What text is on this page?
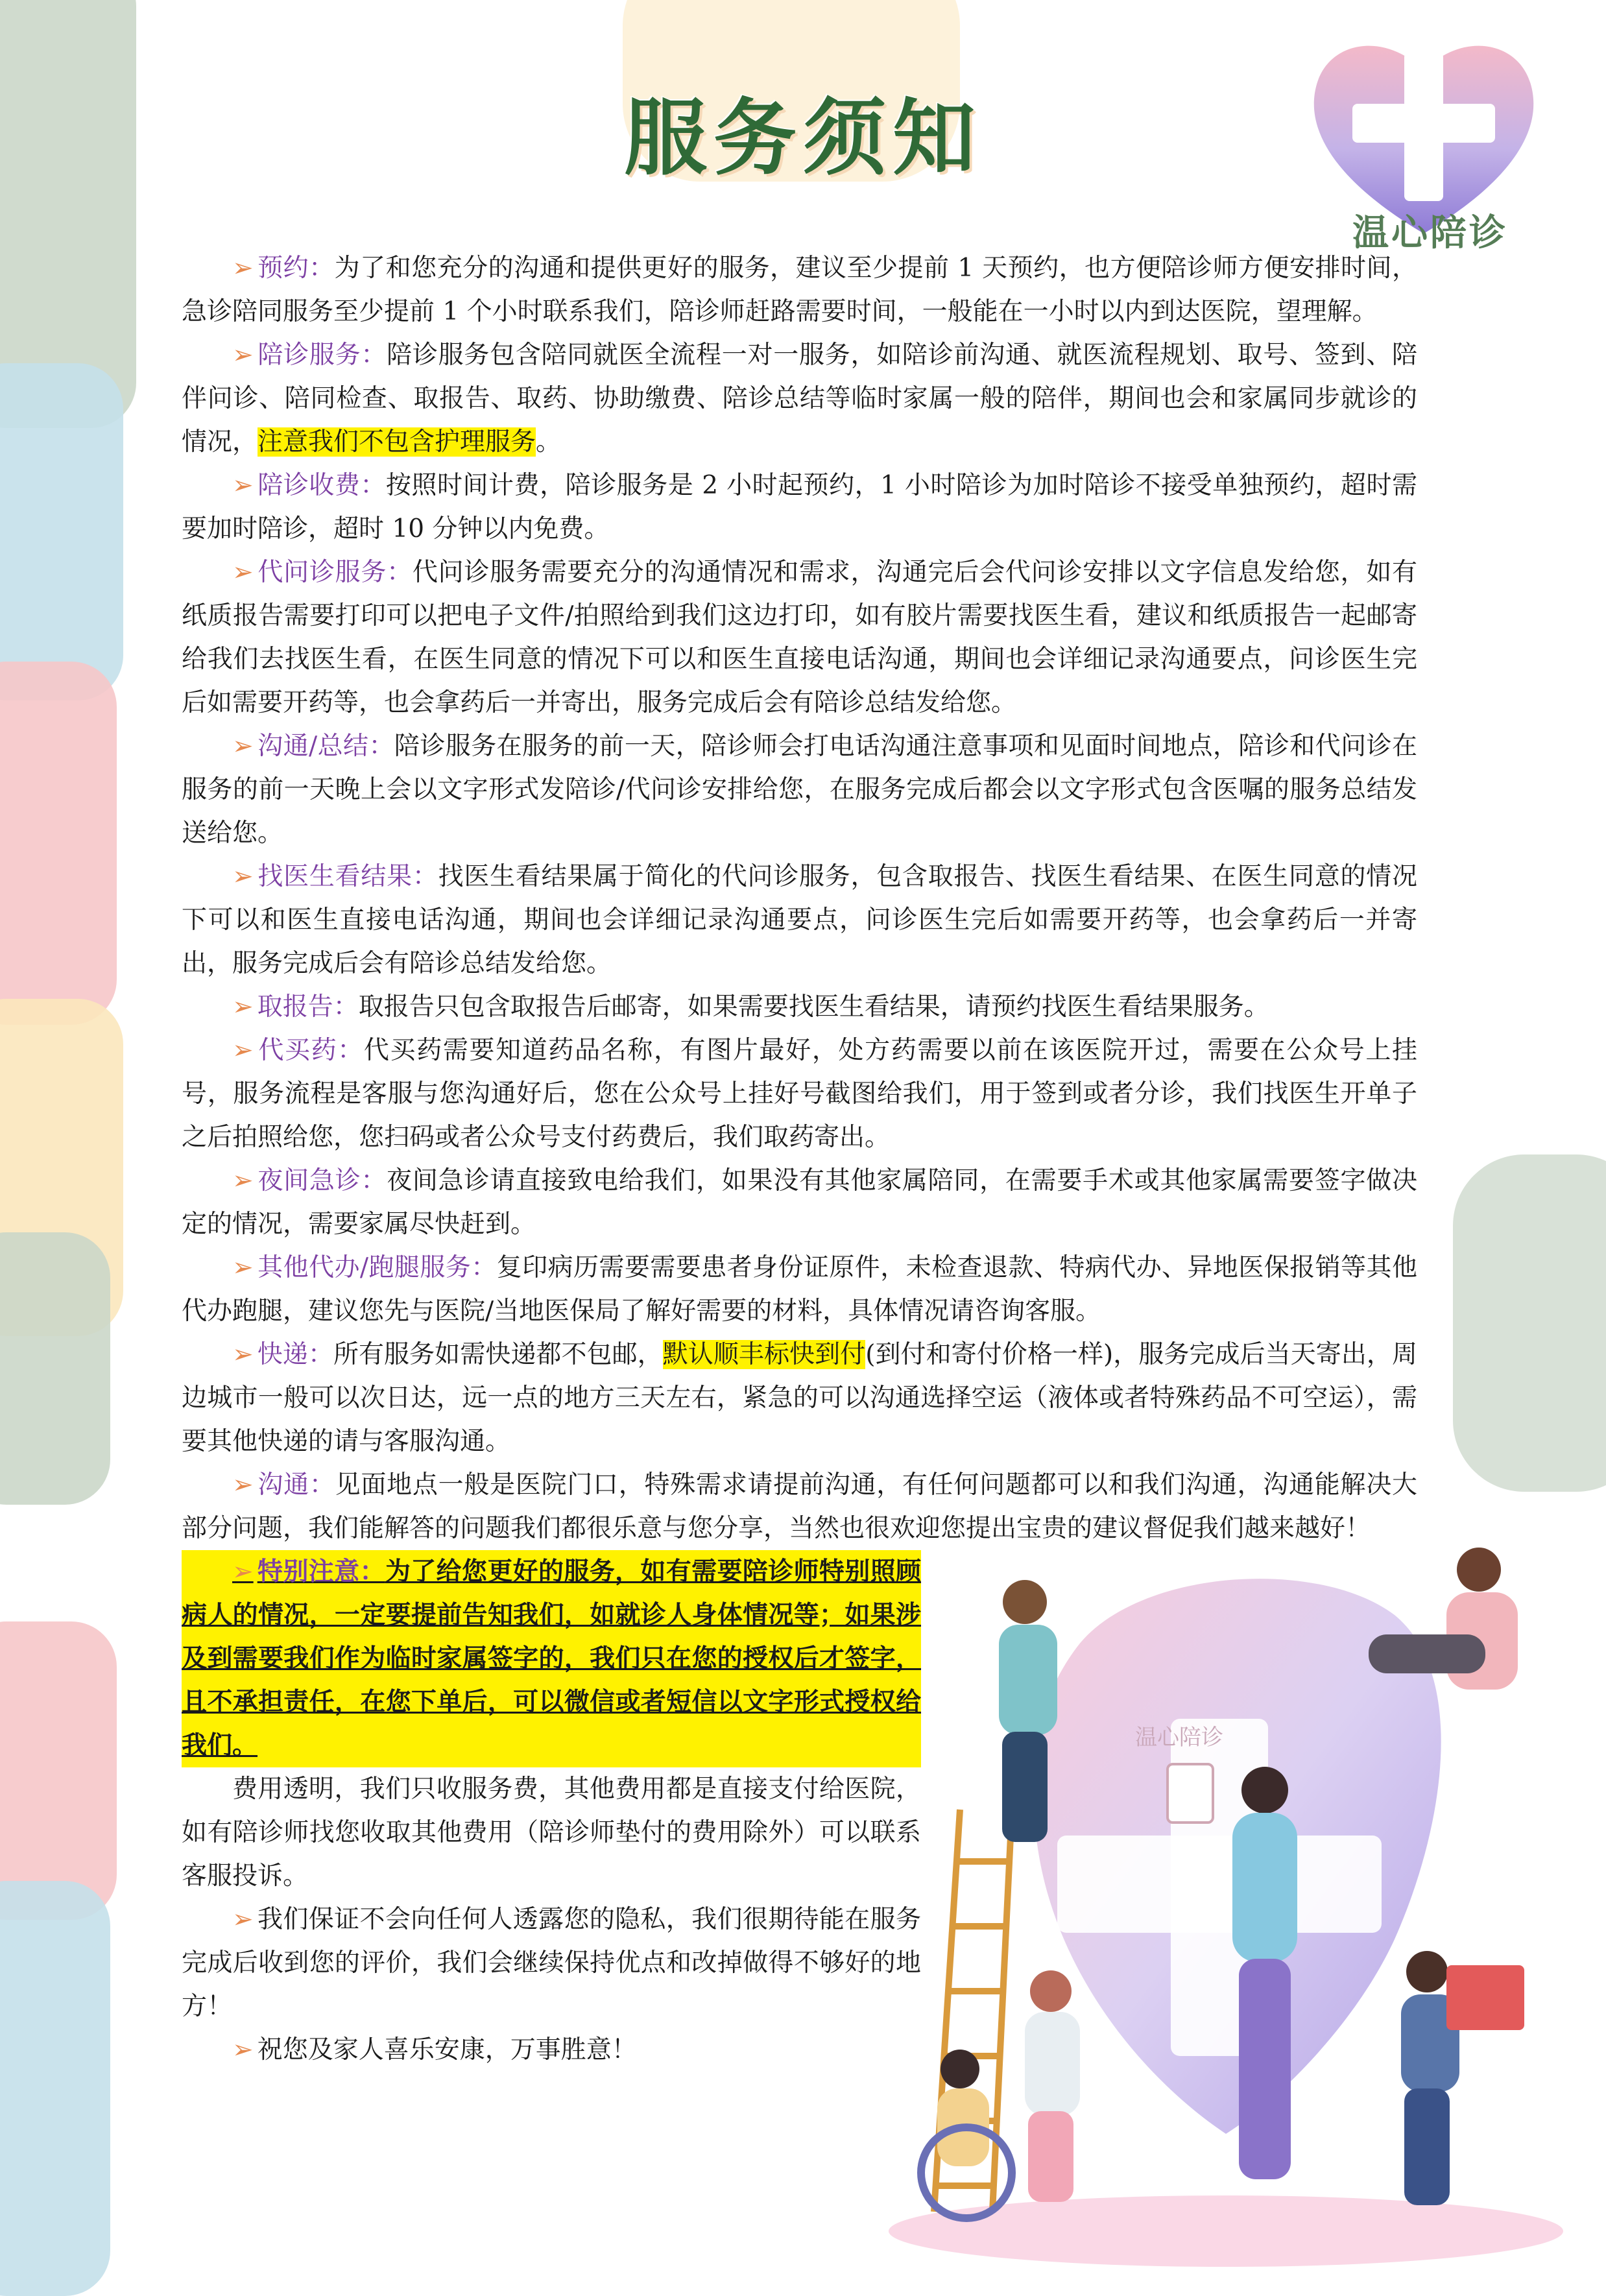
服务须知
温心陪诊

➢ 预约：为了和您充分的沟通和提供更好的服务，建议至少提前 1 天预约，也方便陪诊师方便安排时间，急诊陪同服务至少提前 1 个小时联系我们，陪诊师赶路需要时间，一般能在一小时以内到达医院，望理解。

➢ 陪诊服务：陪诊服务包含陪同就医全流程一对一服务，如陪诊前沟通、就医流程规划、取号、签到、陪伴问诊、陪同检查、取报告、取药、协助缴费、陪诊总结等临时家属一般的陪伴，期间也会和家属同步就诊的情况，注意我们不包含护理服务。

➢ 陪诊收费：按照时间计费，陪诊服务是 2 小时起预约，1 小时陪诊为加时陪诊不接受单独预约，超时需要加时陪诊，超时 10 分钟以内免费。

➢ 代问诊服务：代问诊服务需要充分的沟通情况和需求，沟通完后会代问诊安排以文字信息发给您，如有纸质报告需要打印可以把电子文件/拍照给到我们这边打印，如有胶片需要找医生看，建议和纸质报告一起邮寄给我们去找医生看，在医生同意的情况下可以和医生直接电话沟通，期间也会详细记录沟通要点，问诊医生完后如需要开药等，也会拿药后一并寄出，服务完成后会有陪诊总结发给您。

➢ 沟通/总结：陪诊服务在服务的前一天，陪诊师会打电话沟通注意事项和见面时间地点，陪诊和代问诊在服务的前一天晚上会以文字形式发陪诊/代问诊安排给您，在服务完成后都会以文字形式包含医嘱的服务总结发送给您。

➢ 找医生看结果：找医生看结果属于简化的代问诊服务，包含取报告、找医生看结果、在医生同意的情况下可以和医生直接电话沟通，期间也会详细记录沟通要点，问诊医生完后如需要开药等，也会拿药后一并寄出，服务完成后会有陪诊总结发给您。

➢ 取报告：取报告只包含取报告后邮寄，如果需要找医生看结果，请预约找医生看结果服务。

➢ 代买药：代买药需要知道药品名称，有图片最好，处方药需要以前在该医院开过，需要在公众号上挂号，服务流程是客服与您沟通好后，您在公众号上挂好号截图给我们，用于签到或者分诊，我们找医生开单子之后拍照给您，您扫码或者公众号支付药费后，我们取药寄出。

➢ 夜间急诊：夜间急诊请直接致电给我们，如果没有其他家属陪同，在需要手术或其他家属需要签字做决定的情况，需要家属尽快赶到。

➢ 其他代办/跑腿服务：复印病历需要需要患者身份证原件，未检查退款、特病代办、异地医保报销等其他代办跑腿，建议您先与医院/当地医保局了解好需要的材料，具体情况请咨询客服。

➢ 快递：所有服务如需快递都不包邮，默认顺丰标快到付(到付和寄付价格一样)，服务完成后当天寄出，周边城市一般可以次日达，远一点的地方三天左右，紧急的可以沟通选择空运（液体或者特殊药品不可空运），需要其他快递的请与客服沟通。

➢ 沟通：见面地点一般是医院门口，特殊需求请提前沟通，有任何问题都可以和我们沟通，沟通能解决大部分问题，我们能解答的问题我们都很乐意与您分享，当然也很欢迎您提出宝贵的建议督促我们越来越好！

➢ 特别注意：为了给您更好的服务，如有需要陪诊师特别照顾病人的情况，一定要提前告知我们，如就诊人身体情况等；如果涉及到需要我们作为临时家属签字的，我们只在您的授权后才签字，且不承担责任，在您下单后，可以微信或者短信以文字形式授权给我们。

费用透明，我们只收服务费，其他费用都是直接支付给医院，如有陪诊师找您收取其他费用（陪诊师垫付的费用除外）可以联系客服投诉。

➢ 我们保证不会向任何人透露您的隐私，我们很期待能在服务完成后收到您的评价，我们会继续保持优点和改掉做得不够好的地方！

➢ 祝您及家人喜乐安康，万事胜意！

温心陪诊
